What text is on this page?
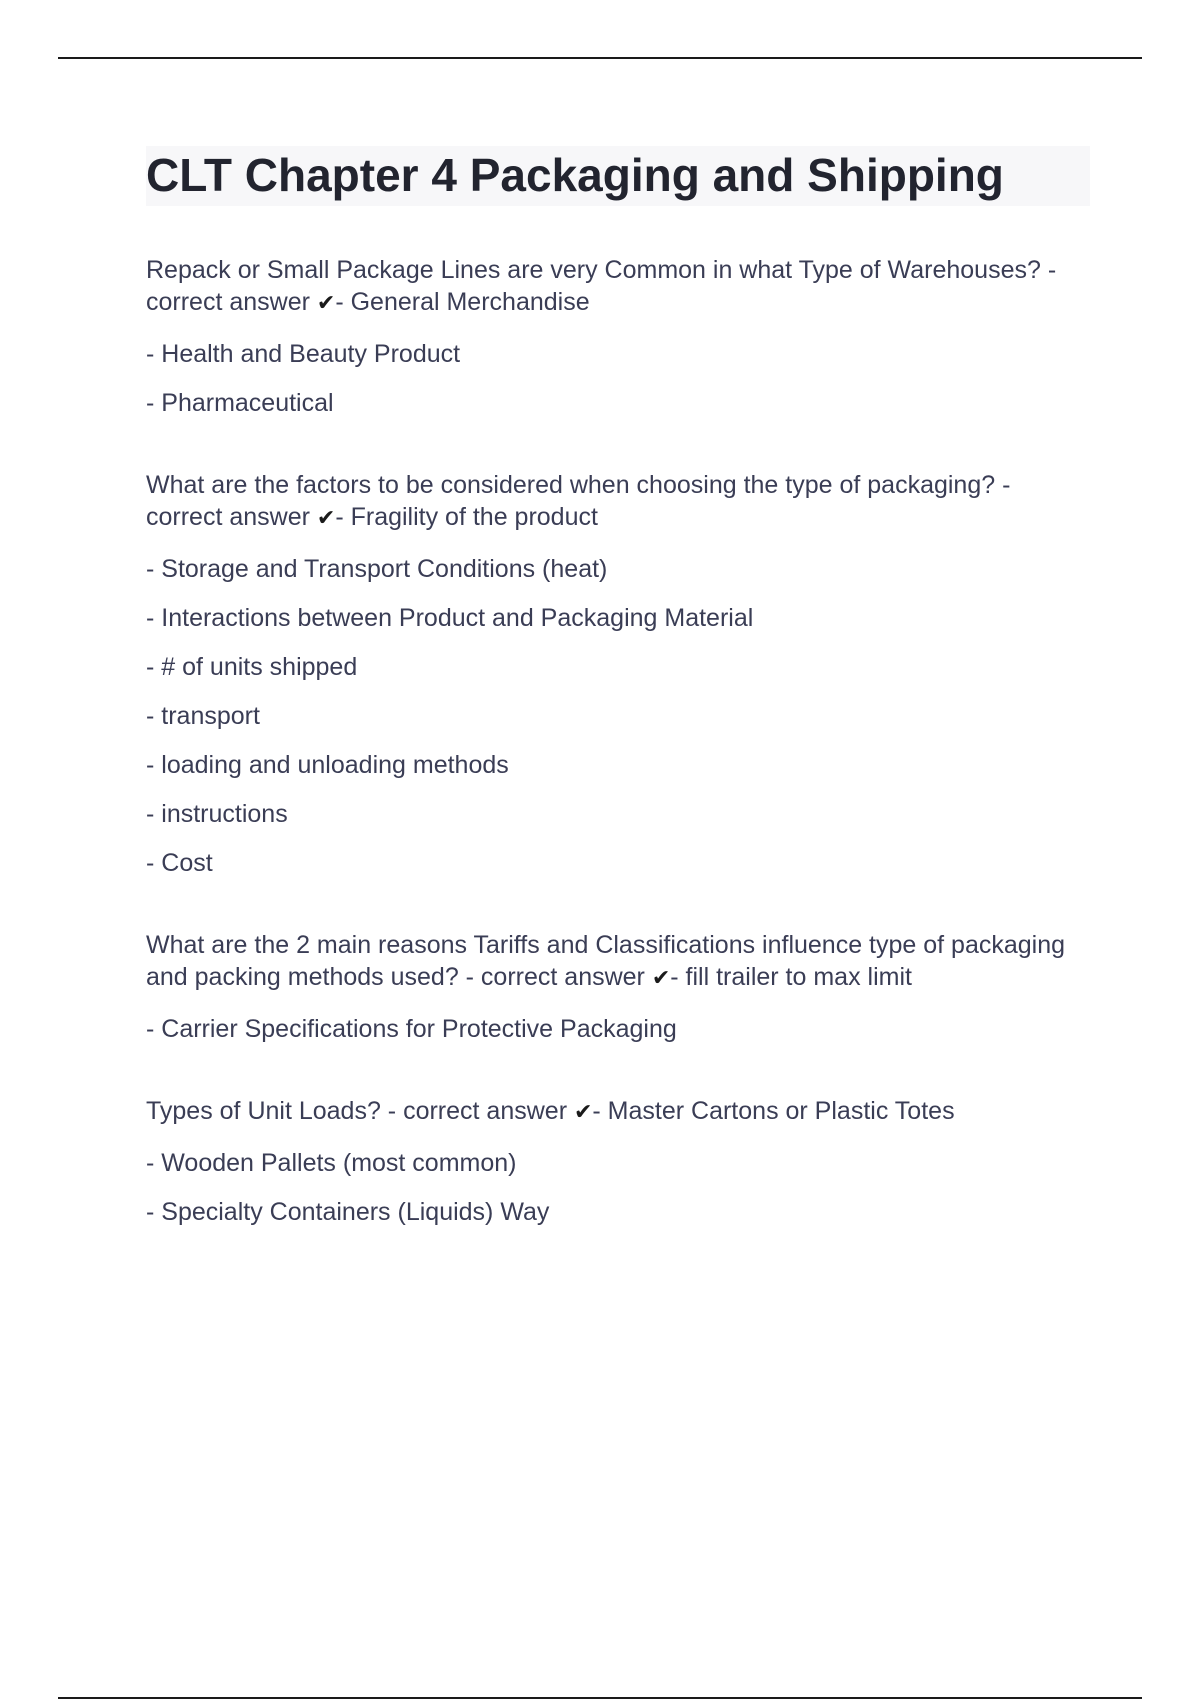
CLT Chapter 4 Packaging and Shipping

Repack or Small Package Lines are very Common in what Type of Warehouses? - correct answer ✔- General Merchandise

- Health and Beauty Product

- Pharmaceutical

What are the factors to be considered when choosing the type of packaging? - correct answer ✔- Fragility of the product

- Storage and Transport Conditions (heat)

- Interactions between Product and Packaging Material

- # of units shipped

- transport

- loading and unloading methods

- instructions

- Cost

What are the 2 main reasons Tariffs and Classifications influence type of packaging and packing methods used? - correct answer ✔- fill trailer to max limit

- Carrier Specifications for Protective Packaging

Types of Unit Loads? - correct answer ✔- Master Cartons or Plastic Totes

- Wooden Pallets (most common)

- Specialty Containers (Liquids) Way
